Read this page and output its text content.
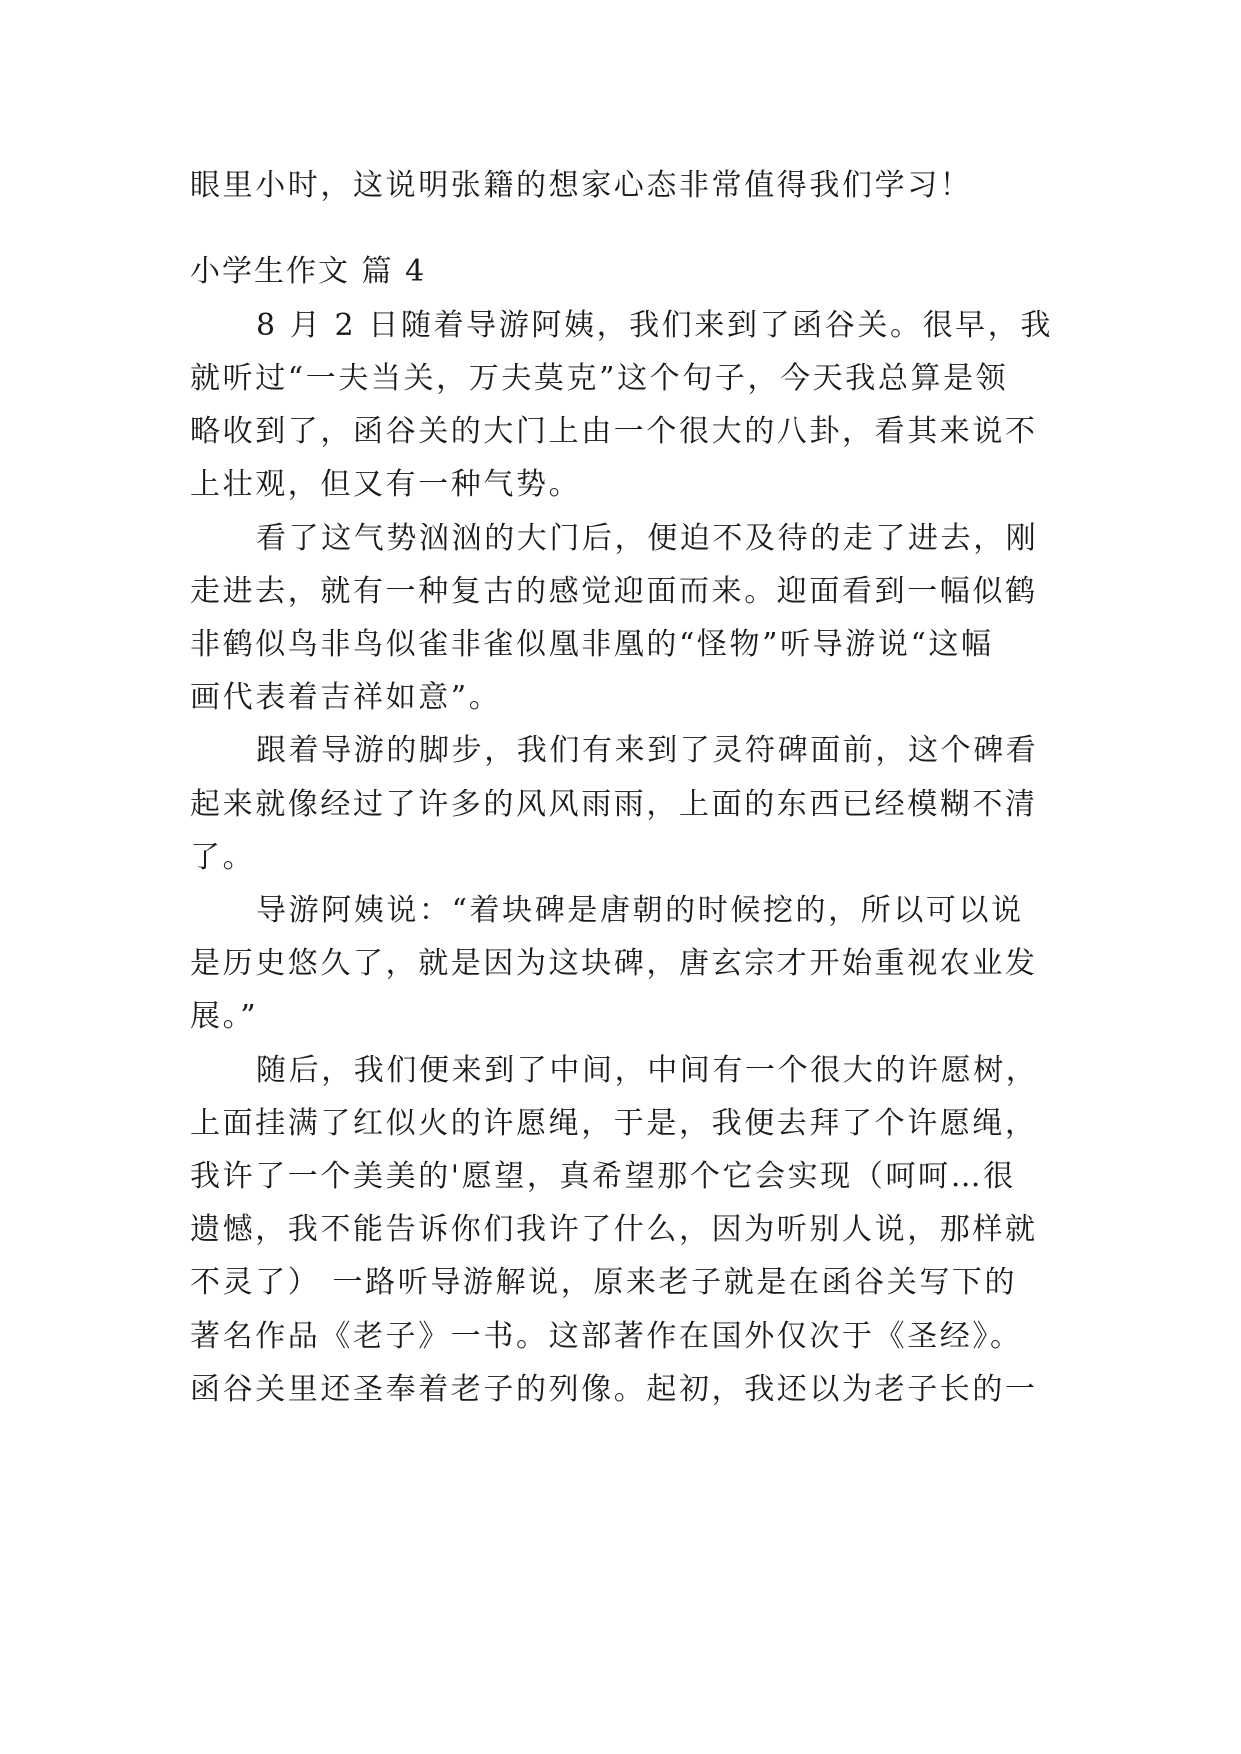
眼里小时，这说明张籍的想家心态非常值得我们学习！
小学生作文 篇 4
8 月 2 日随着导游阿姨，我们来到了函谷关。很早，我
就听过“一夫当关，万夫莫克”这个句子，今天我总算是领
略收到了，函谷关的大门上由一个很大的八卦，看其来说不
上壮观，但又有一种气势。
看了这气势汹汹的大门后，便迫不及待的走了进去，刚
走进去，就有一种复古的感觉迎面而来。迎面看到一幅似鹤
非鹤似鸟非鸟似雀非雀似凰非凰的“怪物”听导游说“这幅
画代表着吉祥如意”。
跟着导游的脚步，我们有来到了灵符碑面前，这个碑看
起来就像经过了许多的风风雨雨，上面的东西已经模糊不清
了。
导游阿姨说：“着块碑是唐朝的时候挖的，所以可以说
是历史悠久了，就是因为这块碑，唐玄宗才开始重视农业发
展。”
随后，我们便来到了中间，中间有一个很大的许愿树，
上面挂满了红似火的许愿绳，于是，我便去拜了个许愿绳，
我许了一个美美的'愿望，真希望那个它会实现（呵呵…很
遗憾，我不能告诉你们我许了什么，因为听别人说，那样就
不灵了） 一路听导游解说，原来老子就是在函谷关写下的
著名作品《老子》一书。这部著作在国外仅次于《圣经》。
函谷关里还圣奉着老子的列像。起初，我还以为老子长的一
